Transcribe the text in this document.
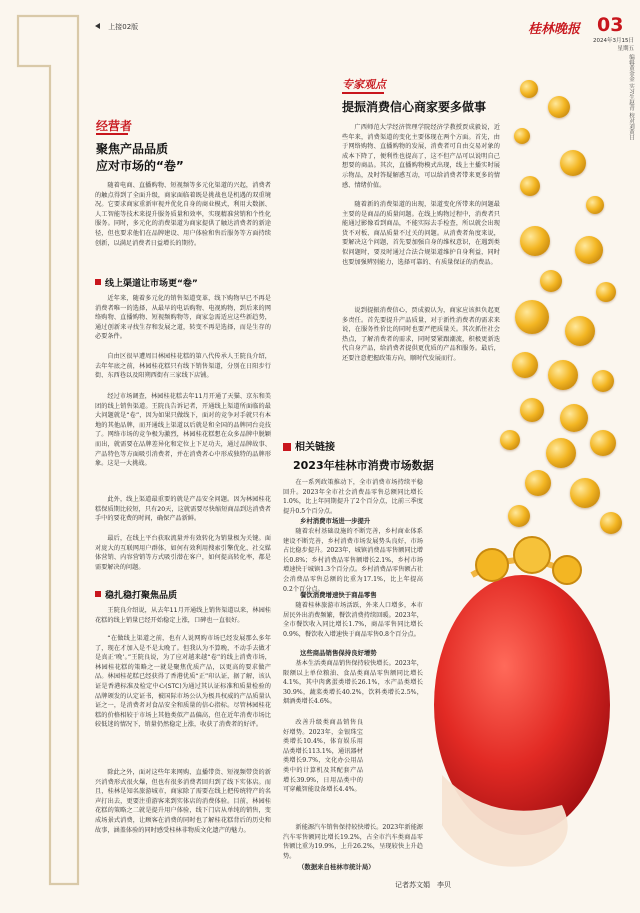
上接02版	桂林晚报 03
2024年3月15日
星期五
编辑黄金金 实习生赵青 校对刘黄日
经营者
聚焦产品品质
应对市场的“卷”

随着电商、直播购物、短视频等多元化渠道的兴起，消费者的触点得到了全面升级，商家面临着既是挑战也是机遇的双重境况。它要求商家重新审视并优化自身的商业模式，利用大数据、人工智能等技术来提升服务质量和效率，实现精准营销和个性化服务。同时，多元化的消费渠道为商家提供了触达消费者的新途径，但也要求他们在品牌建设、用户体验和售后服务等方面持续创新，以满足消费者日益增长的期待。

线上渠道让市场更“卷”

近年来，随着多元化的销售渠道变革，线下购物早已不再是消费者唯一的选择，从最早的电话购物、电视购物，到后来的网络购物、直播购物、短视频购物等，商家急需适应这些新趋势，通过创新来寻找生存和发展之道，转变不再是选择，而是生存的必要条件。

自由区很早遭周目林园桂花糕的第八代传承人王院良介绍，去年年底之前，林园桂花糕只有线下销售渠道，分别在日阳步行街、东西巷以及阳朔西街有三家线下店铺。

经过市场调查，林园桂花糕去年11月开通了天猫、京东和美团的线上销售渠道。王院良告诉记者，开通线上渠道所面临的最大问题就是“卷”，因为如果只做线下，面对的竞争对手就只有本地的其他品牌，而开通线上渠道以后就是和全国的品牌同台竞技了。网络市场的竞争极为激烈，林园桂花糕想在众多品牌中脱颖而出，就需要在品牌差异化和定位上下足功夫，通过品牌故事、产品特色等方面吸引消费者，并在消费者心中形成独特的品牌形象。这是一大挑战。

此外，线上渠道最重要的就是产品安全问题。因为林园桂花糕保质期比较短，只有20天，这就需要尽快缩短商品到达消费者手中的要花费的时间，确保产品新鲜。

最后，在线上平台获取流量并有效转化为销量极为关键。面对庞大的互联网用户群体，如何有效利用搜索引擎优化、社交媒体营销、内容营销等方式吸引潜在客户，如何提高转化率，都是需要解决的问题。

稳扎稳打聚焦品质

王院良介绍说，从去年11月开通线上销售渠道以来，林园桂花糕的线上销量已经开始稳定上涨，口碑也一直很好。

“在做线上渠道之前，也有人说网购市场已经发展那么多年了，现在才加入是不是太晚了。但我认为不算晚，不动手去做才是真正‘晚’。”王院良说，为了应对越来越“卷”的线上消费市场，林园桂花糕的策略之一就是聚焦优质产品，以更高的要求做产品。林园桂花糕已经获得了香港优质“正”印认证，据了解，该认证是香港标准及检定中心(STC)为通过其认证标准和质量检验的品牌颁发的认定证书，被国际市场公认为极具权威的产品质量认证之一，是消费者对食品安全和质量的信心指标。尽管林园桂花糕的价格相较于市场上其他类似产品偏高，但在近年消费市场比较低迷的情况下，销量仍然稳定上涨，收获了消费者的好评。

除此之外，面对这些年来网购、直播带货、短视频带货的新兴消费形式很火爆，但也有很多消费者回归到了线下实体店。而且，桂林是知名旅游城市，商家除了需要在线上把传统特产的名声打出去，更要注重游客来到实体店的消费体验。目前，林园桂花糕的策略之二就是提升用户体验，线下门店从单纯的销售，变成场景式消费，让顾客在消费的同时也了解桂花糕背后的历史和故事，涵盖体验的同时感受桂林非物质文化遗产的魅力。

专家观点
提振消费信心商家要多做事

广西师范大学经济管理学院经济学教授贾成毅说，近些年来，消费渠道的变化主要体现在两个方面。首先，由于网络购物、直播购物的发展，消费者可自由交易对象的成本下降了，便利性也提高了，这不但产品可以说明自己想要的商品。其次，直播购物模式出现，线上主播实时展示物品，及时答疑解惑互动，可以给消费者带来更多的情感、情绪价值。

随着新的消费渠道的出现，渠道变化所带来的问题最主要的是商品的质量问题。在线上购物过程中，消费者只能通过影像看到商品，不能实际去手检查，所以就会出现货不对板、商品质量不过关的问题。从消费者角度来说，要解决这个问题，首先要加强自身的维权意识，在遇到类似问题时，要及时通过合法合规渠道维护自身利益，同时也要加强辨别能力，选择可靠的、有质量保证的消费品。

说到提振消费信心，贾成毅认为，商家应该担负起更多责任。首先要提升产品质量，对于新性消费者的需求来说，在服务性价比的同时也要严把质量关。其次抓住社会热点，了解消费者的需求，同时要紧跟潮流，积极更新迭代自身产品，给消费者提供更优质的产品和服务。最后，还要注意把握政策方向，顺时代发展而行。

相关链接
2023年桂林市消费市场数据

在一系列政策推动下，全市消费市场持续平稳回升。2023年全市社会消费品零售总额同比增长1.0%，比上年同期提升了2个百分点，比前三季度提升0.5个百分点。

乡村消费市场进一步提升

随着农村基础设施的不断完善，乡村商业体系建设不断完善，乡村消费市场发展势头良好，市场占比稳步提升。2023年，城镇消费品零售额同比增长0.8%；乡村消费品零售额增长2.1%，乡村市场增速快于城镇1.3个百分点。乡村消费品零售额占社会消费品零售总额的比重为17.1%，比上年提高0.2个百分点。

餐饮消费增速快于商品零售

随着桂林旅游市场活跃，外来人口增多，本市居民外出消费频繁，餐饮消费持续回暖。2023年，全市餐饮收入同比增长1.7%，商品零售同比增长0.9%，餐饮收入增速快于商品零售0.8个百分点。

这些商品销售保持良好增势

基本生活类商品销售保持较快增长。2023年，限额以上单位粮油、食品类商品零售额同比增长4.1%，其中肉禽蛋类增长26.1%，水产品类增长30.9%，蔬菜类增长40.2%，饮料类增长2.5%，烟酒类增长4.6%。

改善升级类商品销售良好增势。2023年，金银珠宝类增长10.4%，体育娱乐用品类增长113.1%，通讯器材类增长9.7%，文化办公用品类中的计算机及其配套产品增长39.9%，日用品类中的可穿戴智能设备增长4.4%。

新能源汽车销售保持较快增长。2023年新能源汽车零售额同比增长19.2%，占全市汽车类商品零售额比重为19.9%，上升26.2%，呈现较快上升趋势。

（数据来自桂林市统计局）
记者苏文娟　李贝
